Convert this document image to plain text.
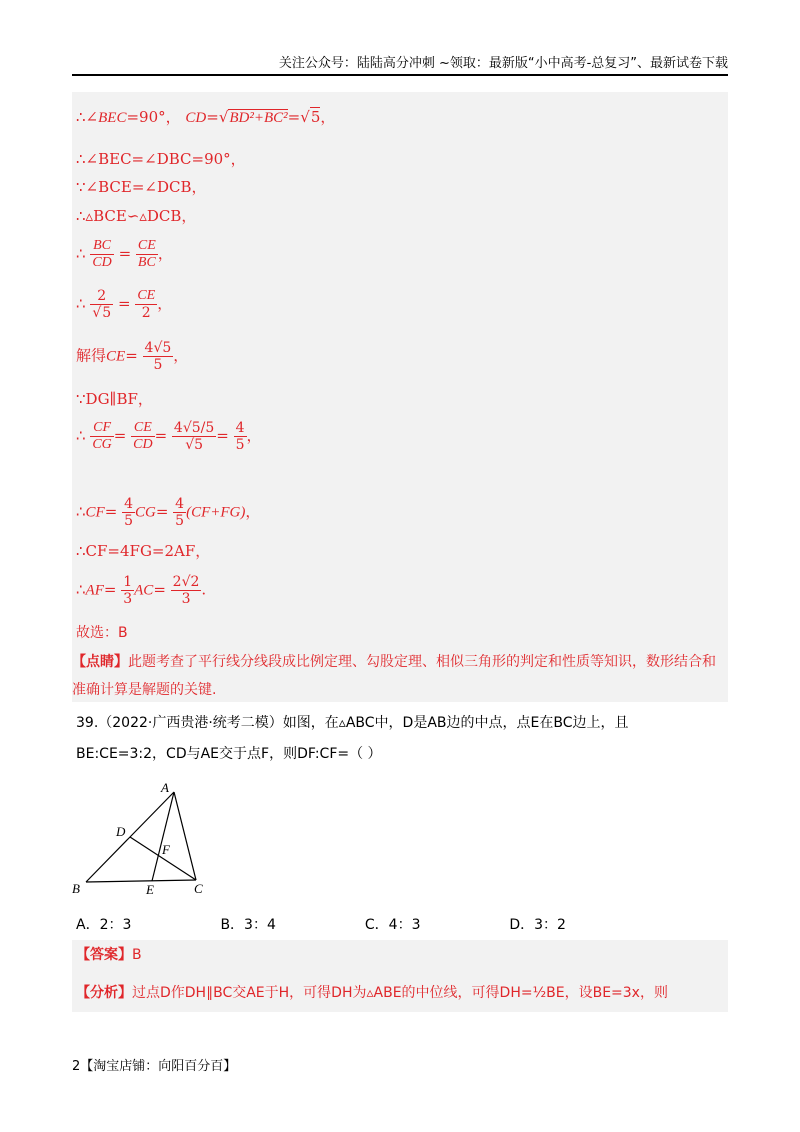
关注公众号：陆陆高分冲刺 ~领取：最新版“小中高考-总复习”、最新试卷下载
∴∠BEC=90°， CD=√BD²+BC²=√5，
∴∠BEC=∠DBC=90°，
∵∠BCE=∠DCB，
∴▵BCE∽▵DCB，
∴ $\frac{BC}{CD} = \frac{CE}{BC}$ ，
∴ $\frac{2}{√5} = \frac{CE}{2}$ ，
解得$CE= \frac{4√5}{5}$ ，
∵DG∥BF，
∴ $\frac{CF}{CG} = \frac{CE}{CD} = \frac{4√5/5}{√5} = \frac{4}{5}$ ，
∴CF= $\frac{4}{5} CG= \frac{4}{5} (CF+FG)$，
∴CF=4FG=2AF，
∴AF= $\frac{1}{3} AC= \frac{2√2}{3}$ .
故选：B
【点睛】此题考查了平行线分线段成比例定理、勾股定理、相似三角形的判定和性质等知识，数形结合和准确计算是解题的关键.
39.（2022·广西贵港·统考二模）如图，在▵ABC中，D是AB边的中点，点E在BC边上，且
BE:CE=3:2，CD与AE交于点F，则DF:CF=（ ）
A
B	C
D
E
F
A．2：3	B．3：4	C．4：3	D．3：2
【答案】B
【分析】过点D作DH∥BC交AE于H，可得DH为▵ABE的中位线，可得DH=½BE，设BE=3x，则
2【淘宝店铺：向阳百分百】
